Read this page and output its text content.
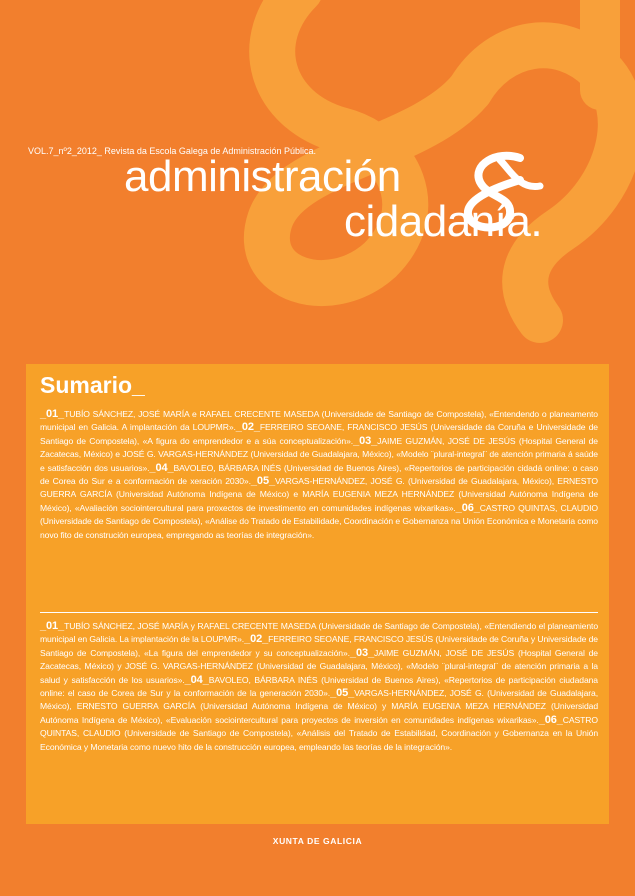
VOL.7_nº2_2012_ Revista da Escola Galega de Administración Pública.
administración
cidadanía.
Sumario_
_01_TUBÍO SÁNCHEZ, JOSÉ MARÍA e RAFAEL CRECENTE MASEDA (Universidade de Santiago de Compostela), «Entendendo o planeamento municipal en Galicia. A implantación da LOUPMR»._02_FERREIRO SEOANE, FRANCISCO JESÚS (Universidade da Coruña e Universidade de Santiago de Compostela), «A figura do emprendedor e a súa conceptualización»._03_JAIME GUZMÁN, JOSÉ DE JESÚS (Hospital General de Zacatecas, México) e JOSÉ G. VARGAS-HERNÁNDEZ (Universidad de Guadalajara, México), «Modelo ¨plural-integral¨ de atención primaria á saúde e satisfacción dos usuarios»._04_BAVOLEO, BÁRBARA INÉS (Universidad de Buenos Aires), «Repertorios de participación cidadá online: o caso de Corea do Sur e a conformación de xeración 2030»._05_VARGAS-HERNÁNDEZ, JOSÉ G. (Universidad de Guadalajara, México), ERNESTO GUERRA GARCÍA (Universidad Autónoma Indígena de México) e MARÍA EUGENIA MEZA HERNÁNDEZ (Universidad Autónoma Indígena de México), «Avaliación sociointercultural para proxectos de investimento en comunidades indígenas wixarikas»._06_CASTRO QUINTAS, CLAUDIO (Universidade de Santiago de Compostela), «Análise do Tratado de Estabilidade, Coordinación e Gobernanza na Unión Económica e Monetaria como novo fito de construción europea, empregando as teorías de integración».
_01_TUBÍO SÁNCHEZ, JOSÉ MARÍA y RAFAEL CRECENTE MASEDA (Universidade de Santiago de Compostela), «Entendiendo el planeamiento municipal en Galicia. La implantación de la LOUPMR»._02_FERREIRO SEOANE, FRANCISCO JESÚS (Universidade de Coruña y Universidade de Santiago de Compostela), «La figura del emprendedor y su conceptualización»._03_JAIME GUZMÁN, JOSÉ DE JESÚS (Hospital General de Zacatecas, México) y JOSÉ G. VARGAS-HERNÁNDEZ (Universidad de Guadalajara, México), «Modelo ¨plural-integral¨ de atención primaria a la salud y satisfacción de los usuarios»._04_BAVOLEO, BÁRBARA INÉS (Universidad de Buenos Aires), «Repertorios de participación ciudadana online: el caso de Corea de Sur y la conformación de la generación 2030»._05_VARGAS-HERNÁNDEZ, JOSÉ G. (Universidad de Guadalajara, México), ERNESTO GUERRA GARCÍA (Universidad Autónoma Indígena de México) y MARÍA EUGENIA MEZA HERNÁNDEZ (Universidad Autónoma Indígena de México), «Evaluación sociointercultural para proyectos de inversión en comunidades indígenas wixarikas»._06_CASTRO QUINTAS, CLAUDIO (Universidade de Santiago de Compostela), «Análisis del Tratado de Estabilidad, Coordinación y Gobernanza en la Unión Económica y Monetaria como nuevo hito de la construcción europea, empleando las teorías de la integración».
XUNTA DE GALICIA
